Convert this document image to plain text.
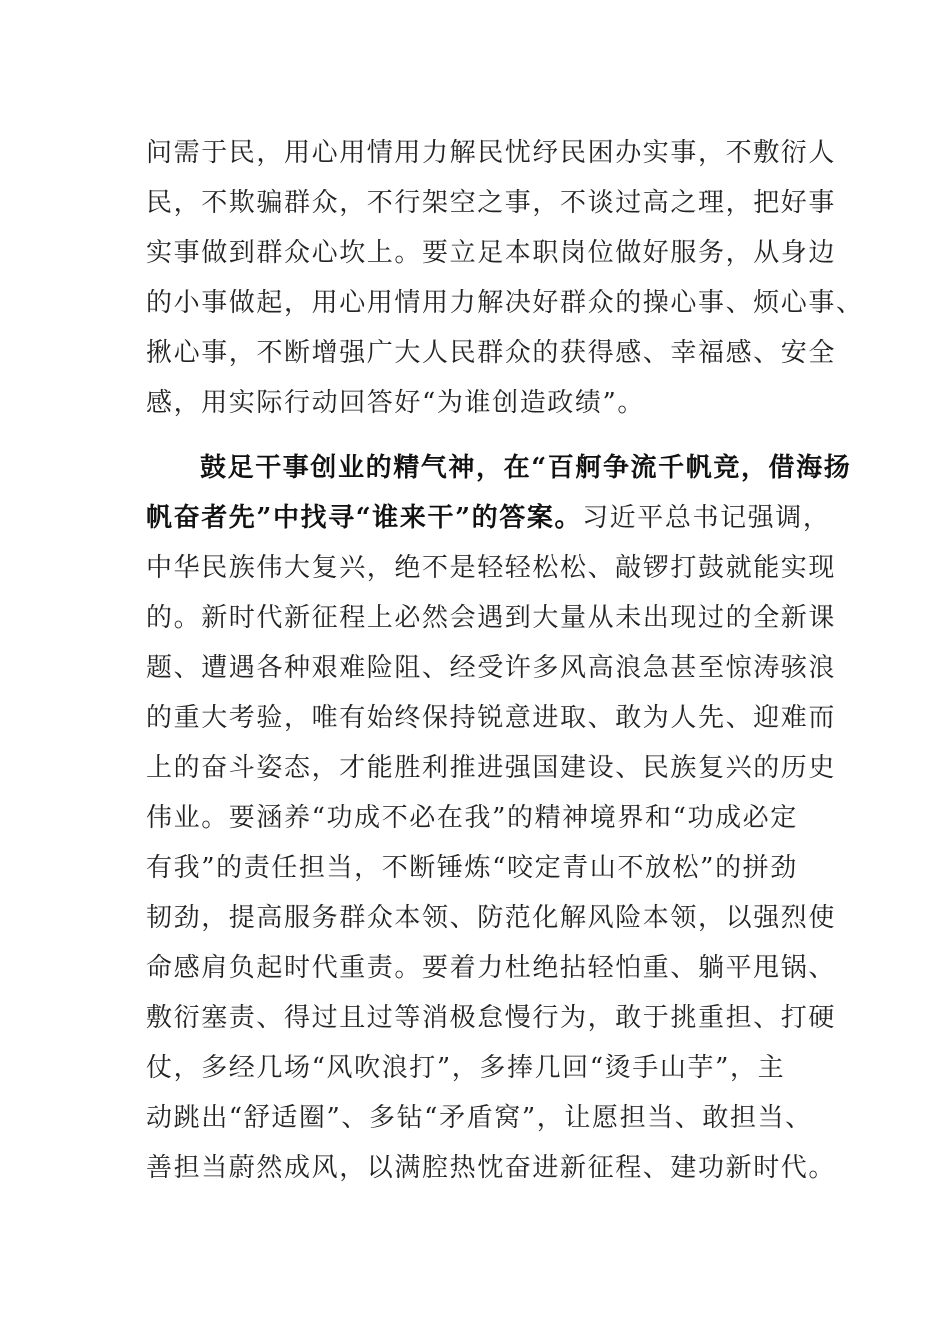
问需于民，用心用情用力解民忧纾民困办实事，不敷衍人
民，不欺骗群众，不行架空之事，不谈过高之理，把好事
实事做到群众心坎上。要立足本职岗位做好服务，从身边
的小事做起，用心用情用力解决好群众的操心事、烦心事、
揪心事，不断增强广大人民群众的获得感、幸福感、安全
感，用实际行动回答好“为谁创造政绩”。
鼓足干事创业的精气神，在“百舸争流千帆竞，借海扬
帆奋者先”中找寻“谁来干”的答案。习近平总书记强调，
中华民族伟大复兴，绝不是轻轻松松、敲锣打鼓就能实现
的。新时代新征程上必然会遇到大量从未出现过的全新课
题、遭遇各种艰难险阻、经受许多风高浪急甚至惊涛骇浪
的重大考验，唯有始终保持锐意进取、敢为人先、迎难而
上的奋斗姿态，才能胜利推进强国建设、民族复兴的历史
伟业。要涵养“功成不必在我”的精神境界和“功成必定
有我”的责任担当，不断锤炼“咬定青山不放松”的拼劲
韧劲，提高服务群众本领、防范化解风险本领，以强烈使
命感肩负起时代重责。要着力杜绝拈轻怕重、躺平甩锅、
敷衍塞责、得过且过等消极怠慢行为，敢于挑重担、打硬
仗，多经几场“风吹浪打”，多捧几回“烫手山芋”，主
动跳出“舒适圈”、多钻“矛盾窝”，让愿担当、敢担当、
善担当蔚然成风，以满腔热忱奋进新征程、建功新时代。
